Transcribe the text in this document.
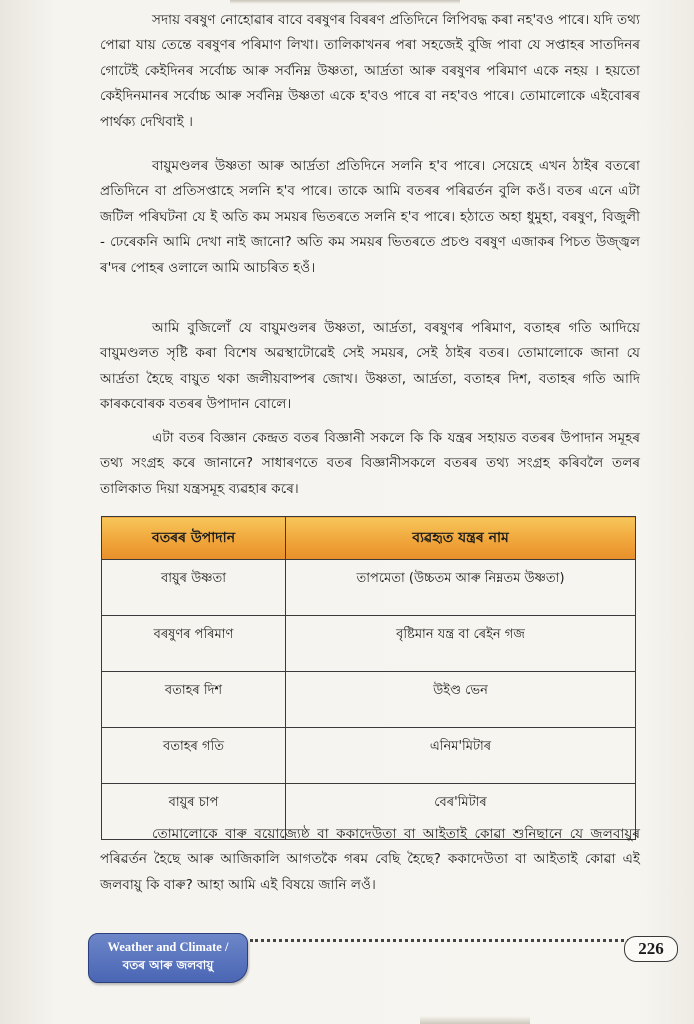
সদায় বৰষুণ নোহোৱাৰ বাবে বৰষুণৰ বিৰৰণ প্ৰতিদিনে লিপিবদ্ধ কৰা নহ'বও পাৰে। যদি তথ্য পোৱা যায় তেন্তে বৰষুণৰ পৰিমাণ লিখা। তালিকাখনৰ পৰা সহজেই বুজি পাবা যে সপ্তাহৰ সাতদিনৰ গোটেই কেইদিনৰ সৰ্বোচ্চ আৰু সৰ্বনিম্ন উষ্ণতা, আৰ্দ্ৰতা আৰু বৰষুণৰ পৰিমাণ একে নহয় । হয়তো কেইদিনমানৰ সৰ্বোচ্চ আৰু সৰ্বনিম্ন উষ্ণতা একে হ'বও পাৰে বা নহ'বও পাৰে। তোমালোকে এইবোৰৰ পাৰ্থক্য দেখিবাই ।

বায়ুমণ্ডলৰ উষ্ণতা আৰু আৰ্দ্ৰতা প্ৰতিদিনে সলনি হ'ব পাৰে। সেয়েহে এখন ঠাইৰ বতৰো প্ৰতিদিনে বা প্ৰতিসপ্তাহে সলনি হ'ব পাৰে। তাকে আমি বতৰৰ পৰিৱৰ্তন বুলি কওঁ। বতৰ এনে এটা জটিল পৰিঘটনা যে ই অতি কম সময়ৰ ভিতৰতে সলনি হ'ব পাৰে। হঠাতে অহা ধুমুহা, বৰষুণ, বিজুলী - ঢেৰেকনি আমি দেখা নাই জানো? অতি কম সময়ৰ ভিতৰতে প্ৰচণ্ড বৰষুণ এজাকৰ পিচত উজ্জ্বল ৰ'দৰ পোহৰ ওলালে আমি আচৰিত হওঁ।

আমি বুজিলোঁ যে বায়ুমণ্ডলৰ উষ্ণতা, আৰ্দ্ৰতা, বৰষুণৰ পৰিমাণ, বতাহৰ গতি আদিয়ে বায়ুমণ্ডলত সৃষ্টি কৰা বিশেষ অৱস্থাটোৱেই সেই সময়ৰ, সেই ঠাইৰ বতৰ। তোমালোকে জানা যে আৰ্দ্ৰতা হৈছে বায়ুত থকা জলীয়বাষ্পৰ জোখ। উষ্ণতা, আৰ্দ্ৰতা, বতাহৰ দিশ, বতাহৰ গতি আদি কাৰকবোৰক বতৰৰ উপাদান বোলে।

এটা বতৰ বিজ্ঞান কেন্দ্ৰত বতৰ বিজ্ঞানী সকলে কি কি যন্ত্ৰৰ সহায়ত বতৰৰ উপাদান সমূহৰ তথ্য সংগ্ৰহ কৰে জানানে? সাধাৰণতে বতৰ বিজ্ঞানীসকলে বতৰৰ তথ্য সংগ্ৰহ কৰিবলৈ তলৰ তালিকাত দিয়া যন্ত্ৰসমূহ ব্যৱহাৰ কৰে।

বতৰৰ উপাদান	ব্যৱহৃত যন্ত্ৰৰ নাম
বায়ুৰ উষ্ণতা	তাপমেতা (উচ্চতম আৰু নিম্নতম উষ্ণতা)
বৰষুণৰ পৰিমাণ	বৃষ্টিমান যন্ত্ৰ বা ৰেইন গজ
বতাহৰ দিশ	উইণ্ড ভেন
বতাহৰ গতি	এনিম'মিটাৰ
বায়ুৰ চাপ	বেৰ'মিটাৰ

তোমালোকে বাৰু বয়োজ্যেষ্ঠ বা ককাদেউতা বা আইতাই কোৱা শুনিছানে যে জলবায়ুৰ পৰিৱৰ্তন হৈছে আৰু আজিকালি আগতকৈ গৰম বেছি হৈছে? ককাদেউতা বা আইতাই কোৱা এই জলবায়ু কি বাৰু? আহা আমি এই বিষয়ে জানি লওঁ।

Weather and Climate /
বতৰ আৰু জলবায়ু
226
